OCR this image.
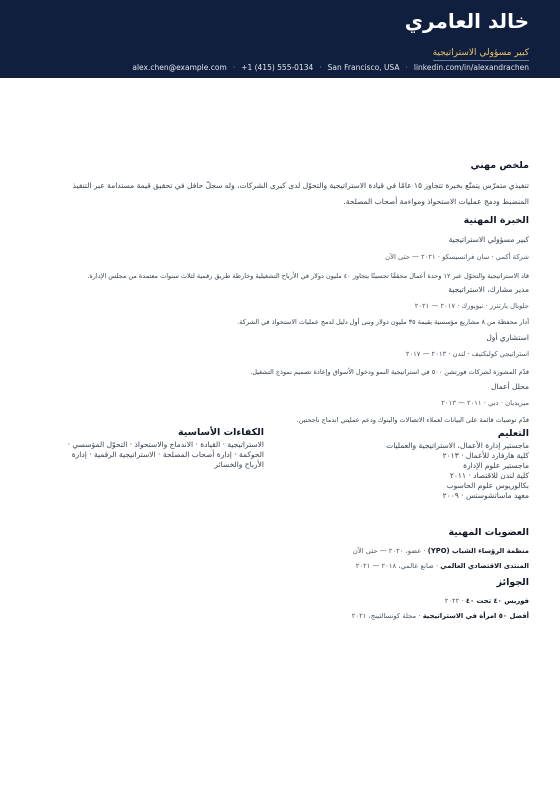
خالد العامري
كبير مسؤولي الاستراتيجية
alex.chen@example.com · +1 (415) 555-0134 · San Francisco, USA · linkedin.com/in/alexandrachen
ملخص مهني
تنفيذي متمرّس يتمتّع بخبرة تتجاوز ١٥ عامًا في قيادة الاستراتيجية والتحوّل لدى كبرى الشركات، وله سجلّ حافل في تحقيق قيمة مستدامة عبر التنفيذ
المنضبط ودمج عمليات الاستحواذ ومواءمة أصحاب المصلحة.
الخبرة المهنية
كبير مسؤولي الاستراتيجية
شركة أكمي · سان فرانسيسكو · ٢٠٢١ — حتى الآن
قاد الاستراتيجية والتحوّل عبر ١٢ وحدة أعمال محققًا تحسينًا يتجاوز ٤٠ مليون دولار في الأرباح التشغيلية وخارطة طريق رقمية لثلاث سنوات معتمدة من مجلس الإدارة.
مدير مشارك، الاستراتيجية
جلوبال بارتنرز · نيويورك · ٢٠١٧ — ٢٠٢١
أدار محفظة من ٨ مشاريع مؤسسية بقيمة ٣٥ مليون دولار وبنى أول دليل لدمج عمليات الاستحواذ في الشركة.
استشاري أول
استراتيجي كوليكتيف · لندن · ٢٠١٣ — ٢٠١٧
قدّم المشورة لشركات فورتشن ٥٠٠ في استراتيجية النمو ودخول الأسواق وإعادة تصميم نموذج التشغيل.
محلل أعمال
ميريديان · دبي · ٢٠١١ — ٢٠١٣
قدّم توصيات قائمة على البيانات لعملاء الاتصالات والبنوك ودعم عمليتي اندماج ناجحتين.
التعليم
ماجستير إدارة الأعمال، الاستراتيجية والعمليات
كلية هارفارد للأعمال · ٢٠١٣
ماجستير علوم الإدارة
كلية لندن للاقتصاد · ٢٠١١
بكالوريوس علوم الحاسوب
معهد ماساتشوستس · ٢٠٠٩
الكفاءات الأساسية
الاستراتيجية · القيادة · الاندماج والاستحواذ · التحوّل المؤسسي ·
الحوكمة · إدارة أصحاب المصلحة · الاستراتيجية الرقمية · إدارة
الأرباح والخسائر
العضويات المهنية
منظمة الرؤساء الشباب (YPO) · عضو، ٢٠٢٠ — حتى الآن
المنتدى الاقتصادي العالمي · صانع عالمي، ٢٠١٨ — ٢٠٢١
الجوائز
فوربس ٤٠ تحت ٤٠ · ٢٠٢٢
أفضل ٥٠ امرأة في الاستراتيجية · مجلة كونسالتينج، ٢٠٢١
